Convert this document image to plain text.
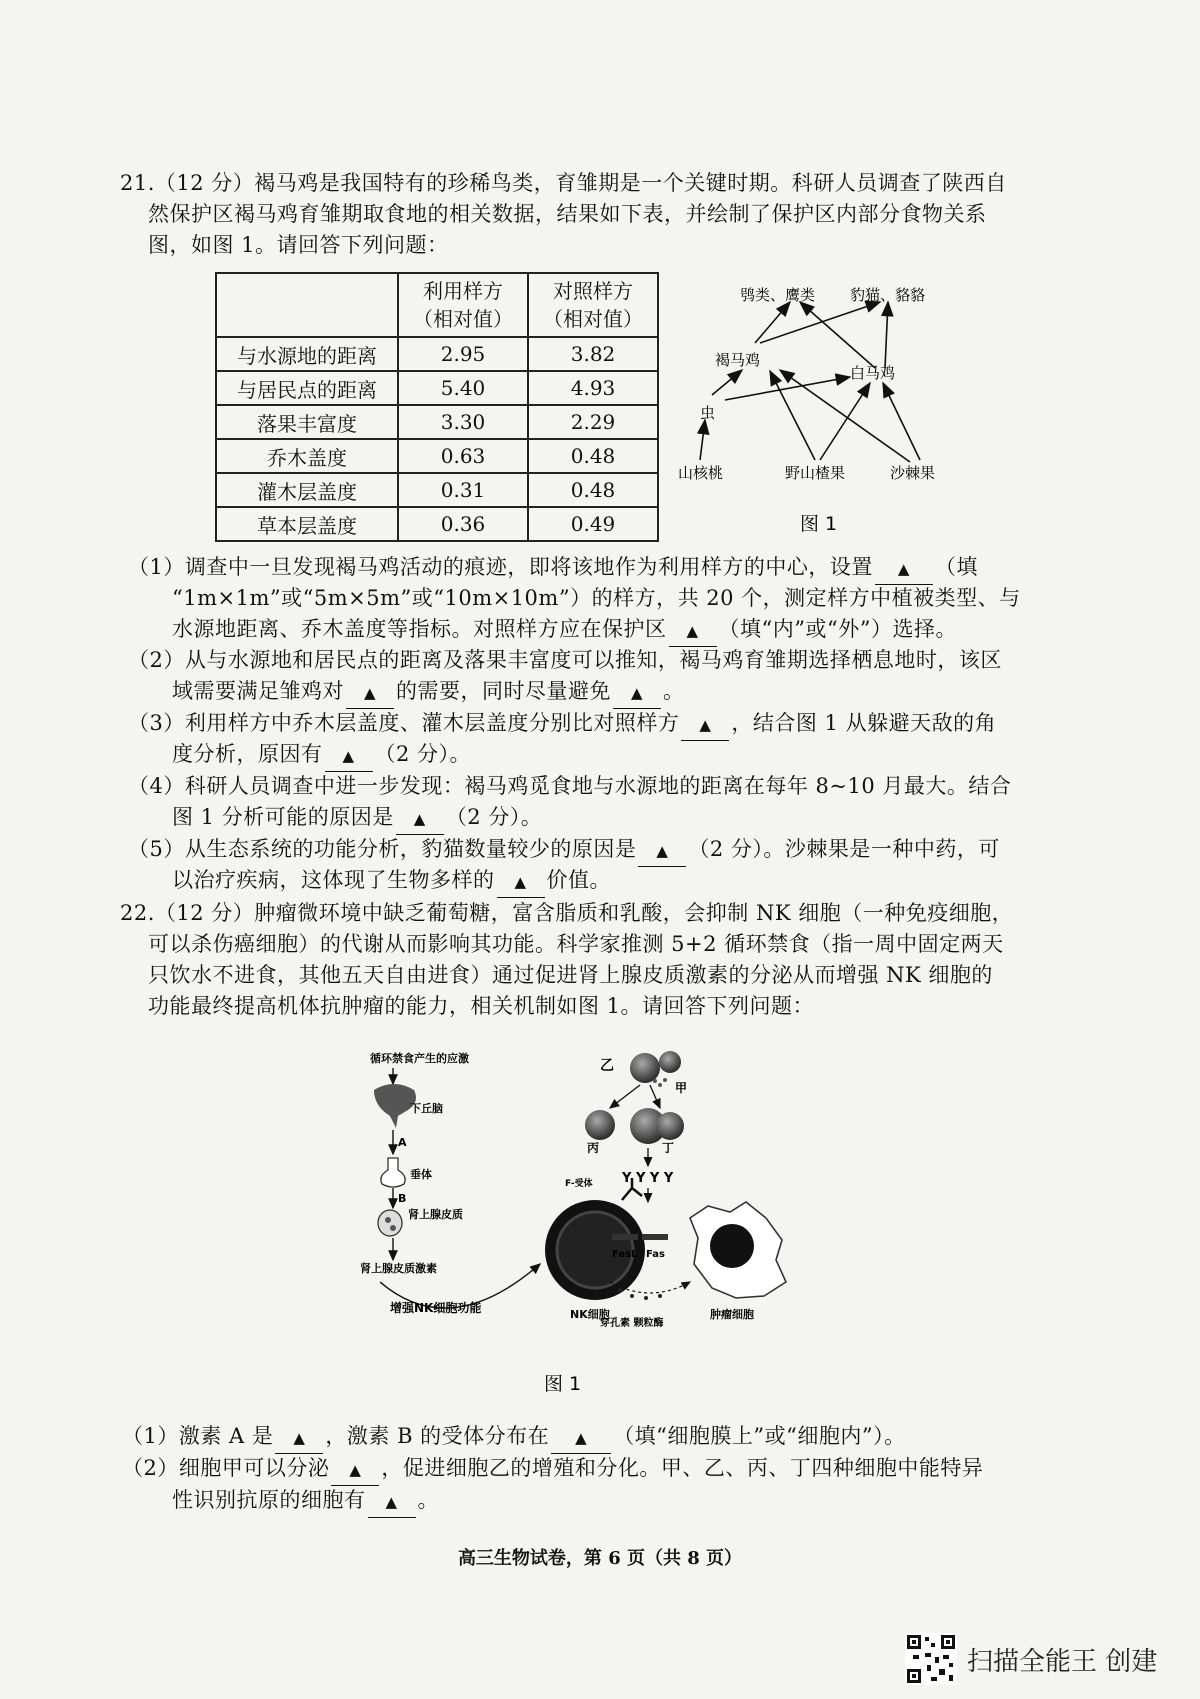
21.（12 分）褐马鸡是我国特有的珍稀鸟类，育雏期是一个关键时期。科研人员调查了陕西自
然保护区褐马鸡育雏期取食地的相关数据，结果如下表，并绘制了保护区内部分食物关系
图，如图 1。请回答下列问题：
	利用样方
（相对值）	对照样方
（相对值）
与水源地的距离	2.95	3.82
与居民点的距离	5.40	4.93
落果丰富度	3.30	2.29
乔木盖度	0.63	0.48
灌木层盖度	0.31	0.48
草本层盖度	0.36	0.49
鸮类、鹰类 豹猫、貉貉
褐马鸡
白马鸡
虫
山核桃	野山楂果	沙棘果
图 1
（1）调查中一旦发现褐马鸡活动的痕迹，即将该地作为利用样方的中心，设置 ▲	（填
“1m×1m”或“5m×5m”或“10m×10m”）的样方，共 20 个，测定样方中植被类型、与
水源地距离、乔木盖度等指标。对照样方应在保护区 ▲ （填“内”或“外”）选择。
（2）从与水源地和居民点的距离及落果丰富度可以推知，褐马鸡育雏期选择栖息地时，该区
域需要满足雏鸡对 ▲ 的需要，同时尽量避免 ▲ 。
（3）利用样方中乔木层盖度、灌木层盖度分别比对照样方 ▲ ，结合图 1 从躲避天敌的角
度分析，原因有 ▲ （2 分）。
（4）科研人员调查中进一步发现：褐马鸡觅食地与水源地的距离在每年 8~10 月最大。结合
图 1 分析可能的原因是 ▲ （2 分）。
（5）从生态系统的功能分析，豹猫数量较少的原因是 ▲ （2 分）。沙棘果是一种中药，可
以治疗疾病，这体现了生物多样的 ▲ 价值。
22.（12 分）肿瘤微环境中缺乏葡萄糖，富含脂质和乳酸，会抑制 NK 细胞（一种免疫细胞，
可以杀伤癌细胞）的代谢从而影响其功能。科学家推测 5+2 循环禁食（指一周中固定两天
只饮水不进食，其他五天自由进食）通过促进肾上腺皮质激素的分泌从而增强 NK 细胞的
功能最终提高机体抗肿瘤的能力，相关机制如图 1。请回答下列问题：
循环禁食产生的应激
下丘脑
A
垂体
B
肾上腺皮质
肾上腺皮质激素
增强NK细胞功能	NK细胞	肿瘤细胞
FasL Fas
穿孔素 颗粒酶
F-受体
乙
甲
丙	丁
Y Y Y Y
图 1
（1）激素 A 是 ▲ ，激素 B 的受体分布在 ▲	（填“细胞膜上”或“细胞内”）。
（2）细胞甲可以分泌 ▲ ，促进细胞乙的增殖和分化。甲、乙、丙、丁四种细胞中能特异
性识别抗原的细胞有 ▲ 。
高三生物试卷，第 6 页（共 8 页）
扫描全能王 创建
